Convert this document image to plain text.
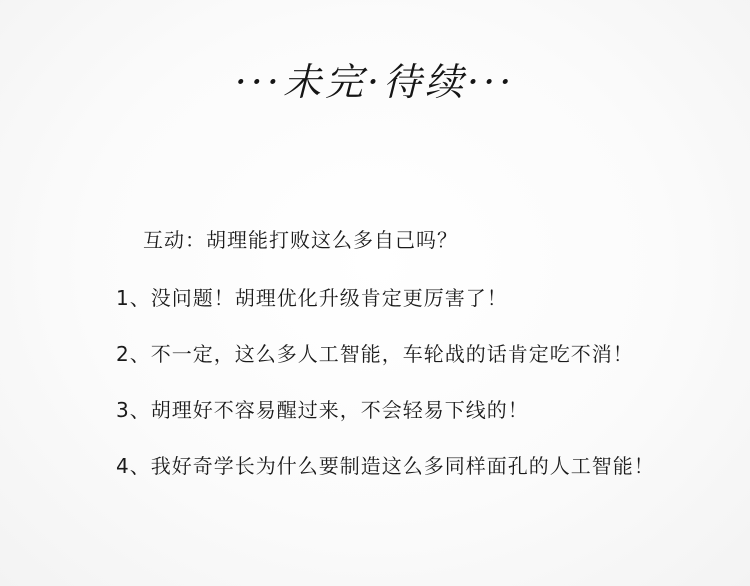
···未完·待续···
互动：胡理能打败这么多自己吗？
1、没问题！胡理优化升级肯定更厉害了！
2、不一定，这么多人工智能，车轮战的话肯定吃不消！
3、胡理好不容易醒过来，不会轻易下线的！
4、我好奇学长为什么要制造这么多同样面孔的人工智能！
